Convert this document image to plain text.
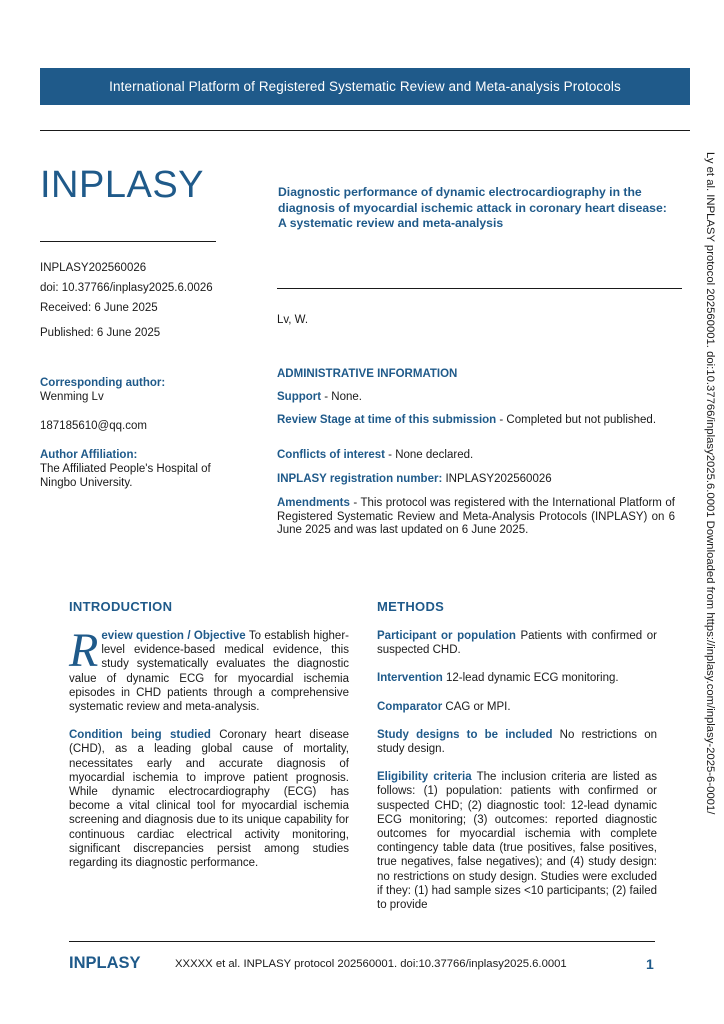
International Platform of Registered Systematic Review and Meta-analysis Protocols
INPLASY
INPLASY202560026
doi: 10.37766/inplasy2025.6.0026
Received: 6 June 2025
Published: 6 June 2025
Corresponding author:
Wenming Lv
187185610@qq.com
Author Affiliation:
The Affiliated People's Hospital of Ningbo University.
Diagnostic performance of dynamic electrocardiography in the diagnosis of myocardial ischemic attack in coronary heart disease: A systematic review and meta-analysis
Lv, W.
ADMINISTRATIVE INFORMATION
Support - None.
Review Stage at time of this submission - Completed but not published.
Conflicts of interest - None declared.
INPLASY registration number: INPLASY202560026
Amendments - This protocol was registered with the International Platform of Registered Systematic Review and Meta-Analysis Protocols (INPLASY) on 6 June 2025 and was last updated on 6 June 2025.	Ly et al. INPLASY protocol 202560001. doi:10.37766/inplasy2025.6.0001 Downloaded from https://inplasy.com/inplasy-2025-6-0001/
INTRODUCTION

Review question / Objective To establish higher-level evidence-based medical evidence, this study systematically evaluates the diagnostic value of dynamic ECG for myocardial ischemia episodes in CHD patients through a comprehensive systematic review and meta-analysis.

Condition being studied Coronary heart disease (CHD), as a leading global cause of mortality, necessitates early and accurate diagnosis of myocardial ischemia to improve patient prognosis. While dynamic electrocardiography (ECG) has become a vital clinical tool for myocardial ischemia screening and diagnosis due to its unique capability for continuous cardiac electrical activity monitoring, significant discrepancies persist among studies regarding its diagnostic performance.

METHODS

Participant or population Patients with confirmed or suspected CHD.

Intervention 12-lead dynamic ECG monitoring.

Comparator CAG or MPI.

Study designs to be included No restrictions on study design.

Eligibility criteria The inclusion criteria are listed as follows: (1) population: patients with confirmed or suspected CHD; (2) diagnostic tool: 12-lead dynamic ECG monitoring; (3) outcomes: reported diagnostic outcomes for myocardial ischemia with complete contingency table data (true positives, false positives, true negatives, false negatives); and (4) study design: no restrictions on study design. Studies were excluded if they: (1) had sample sizes <10 participants; (2) failed to provide

INPLASY	XXXXX et al. INPLASY protocol 202560001. doi:10.37766/inplasy2025.6.0001	1
